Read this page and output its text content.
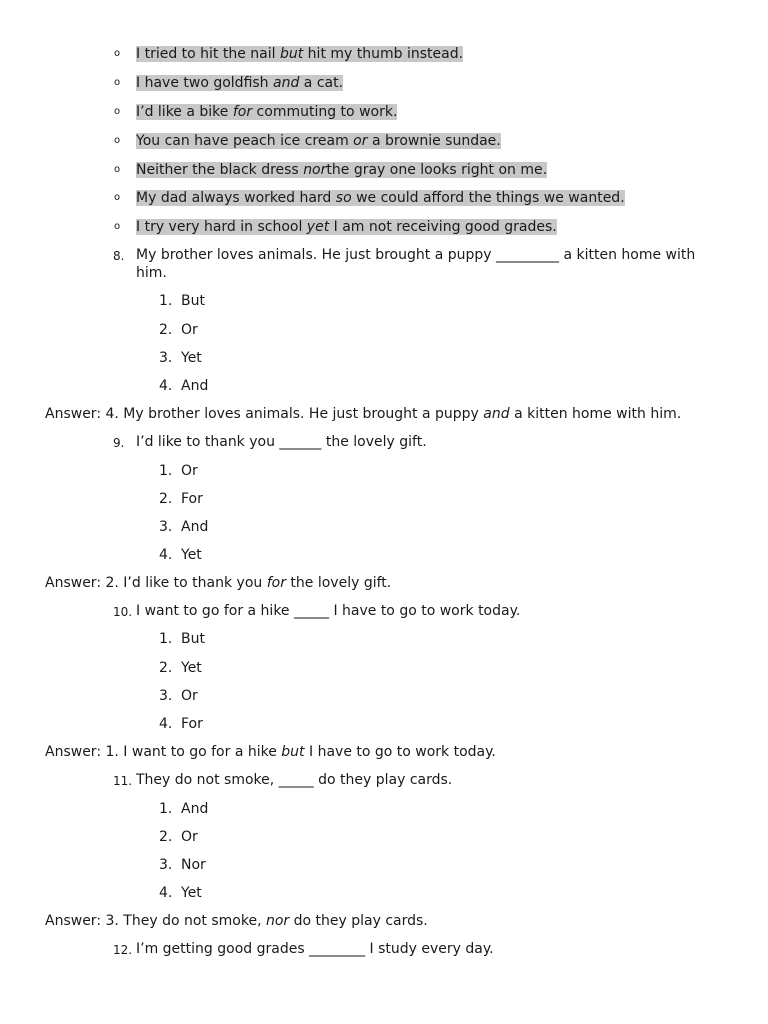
o I tried to hit the nail but hit my thumb instead.
o I have two goldfish and a cat.
o I’d like a bike for commuting to work.
o You can have peach ice cream or a brownie sundae.
o Neither the black dress northe gray one looks right on me.
o My dad always worked hard so we could afford the things we wanted.
o I try very hard in school yet I am not receiving good grades.
8. My brother loves animals. He just brought a puppy _________ a kitten home with him.
1. But
2. Or
3. Yet
4. And
Answer: 4. My brother loves animals. He just brought a puppy and a kitten home with him.
9. I’d like to thank you ______ the lovely gift.
1. Or
2. For
3. And
4. Yet
Answer: 2. I’d like to thank you for the lovely gift.
10. I want to go for a hike _____ I have to go to work today.
1. But
2. Yet
3. Or
4. For
Answer: 1. I want to go for a hike but I have to go to work today.
11. They do not smoke, _____ do they play cards.
1. And
2. Or
3. Nor
4. Yet
Answer: 3. They do not smoke, nor do they play cards.
12. I’m getting good grades ________ I study every day.
